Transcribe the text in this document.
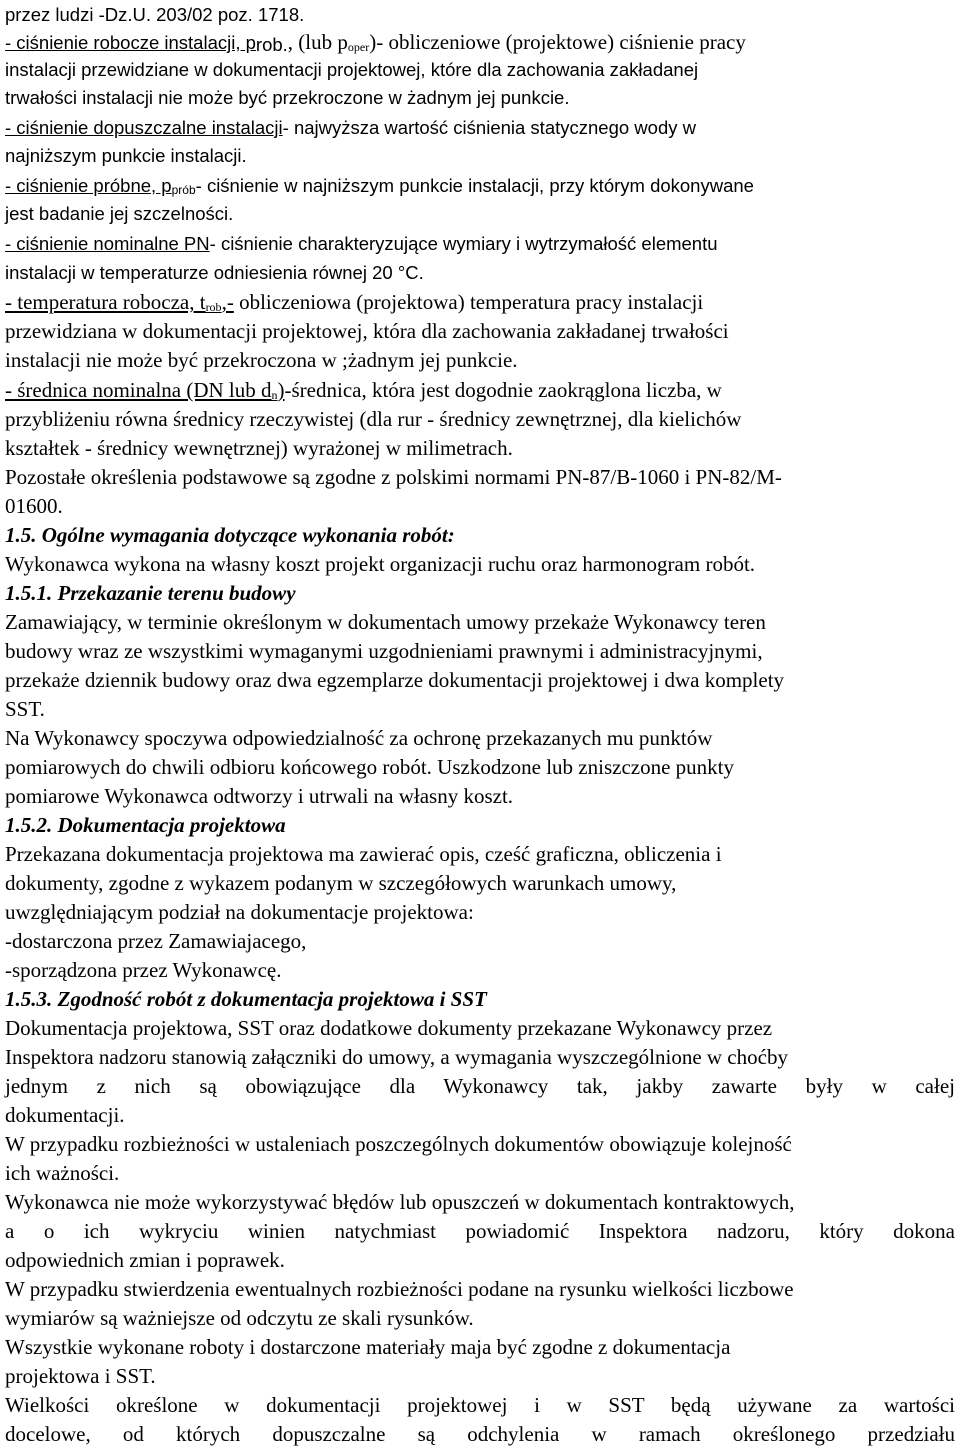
przez ludzi -Dz.U. 203/02 poz. 1718.
- ciśnienie robocze instalacji, $p_{rob.}$, (lub $p_{oper})-$ obliczeniowe (projektowe) ciśnienie pracy
instalacji przewidziane w dokumentacji projektowej, które dla zachowania zakładanej
trwałości instalacji nie może być przekroczone w żadnym jej punkcie.
- ciśnienie dopuszczalne instalacji- najwyższa wartość ciśnienia statycznego wody w
najniższym punkcie instalacji.
- ciśnienie próbne, $p_{prób}-$ ciśnienie w najniższym punkcie instalacji, przy którym dokonywane
jest badanie jej szczelności.
- ciśnienie nominalne PN- ciśnienie charakteryzujące wymiary i wytrzymałość elementu
instalacji w temperaturze odniesienia równej 20 °C.
- temperatura robocza, $t_{rob},-$ obliczeniowa (projektowa) temperatura pracy instalacji
przewidziana w dokumentacji projektowej, która dla zachowania zakładanej trwałości
instalacji nie może być przekroczona w ;żadnym jej punkcie.
- średnica nominalna (DN lub $d_n$)-średnica, która jest dogodnie zaokrąglona liczba, w
przybliżeniu równa średnicy rzeczywistej (dla rur - średnicy zewnętrznej, dla kielichów
kształtek - średnicy wewnętrznej) wyrażonej w milimetrach.
Pozostałe określenia podstawowe są zgodne z polskimi normami PN-87/B-1060 i PN-82/M-
01600.
1.5. Ogólne wymagania dotyczące wykonania robót:
Wykonawca wykona na własny koszt projekt organizacji ruchu oraz harmonogram robót.
1.5.1. Przekazanie terenu budowy
Zamawiający, w terminie określonym w dokumentach umowy przekaże Wykonawcy teren
budowy wraz ze wszystkimi wymaganymi uzgodnieniami prawnymi i administracyjnymi,
przekaże dziennik budowy oraz dwa egzemplarze dokumentacji projektowej i dwa komplety
SST.
Na Wykonawcy spoczywa odpowiedzialność za ochronę przekazanych mu punktów
pomiarowych do chwili odbioru końcowego robót. Uszkodzone lub zniszczone punkty
pomiarowe Wykonawca odtworzy i utrwali na własny koszt.
1.5.2. Dokumentacja projektowa
Przekazana dokumentacja projektowa ma zawierać opis, cześć graficzna, obliczenia i
dokumenty, zgodne z wykazem podanym w szczegółowych warunkach umowy,
uwzględniającym podział na dokumentacje projektowa:
-dostarczona przez Zamawiajacego,
-sporządzona przez Wykonawcę.
1.5.3. Zgodność robót z dokumentacja projektowa i SST
Dokumentacja projektowa, SST oraz dodatkowe dokumenty przekazane Wykonawcy przez
Inspektora nadzoru stanowią załączniki do umowy, a wymagania wyszczególnione w choćby
jednym z nich są obowiązujące dla Wykonawcy tak, jakby zawarte były w całej
dokumentacji.
W przypadku rozbieżności w ustaleniach poszczególnych dokumentów obowiązuje kolejność
ich ważności.
Wykonawca nie może wykorzystywać błędów lub opuszczeń w dokumentach kontraktowych,
a o ich wykryciu winien natychmiast powiadomić Inspektora nadzoru, który dokona
odpowiednich zmian i poprawek.
W przypadku stwierdzenia ewentualnych rozbieżności podane na rysunku wielkości liczbowe
wymiarów są ważniejsze od odczytu ze skali rysunków.
Wszystkie wykonane roboty i dostarczone materiały maja być zgodne z dokumentacja
projektowa i SST.
Wielkości określone w dokumentacji projektowej i w SST będą używane za wartości
docelowe, od których dopuszczalne są odchylenia w ramach określonego przedziału
